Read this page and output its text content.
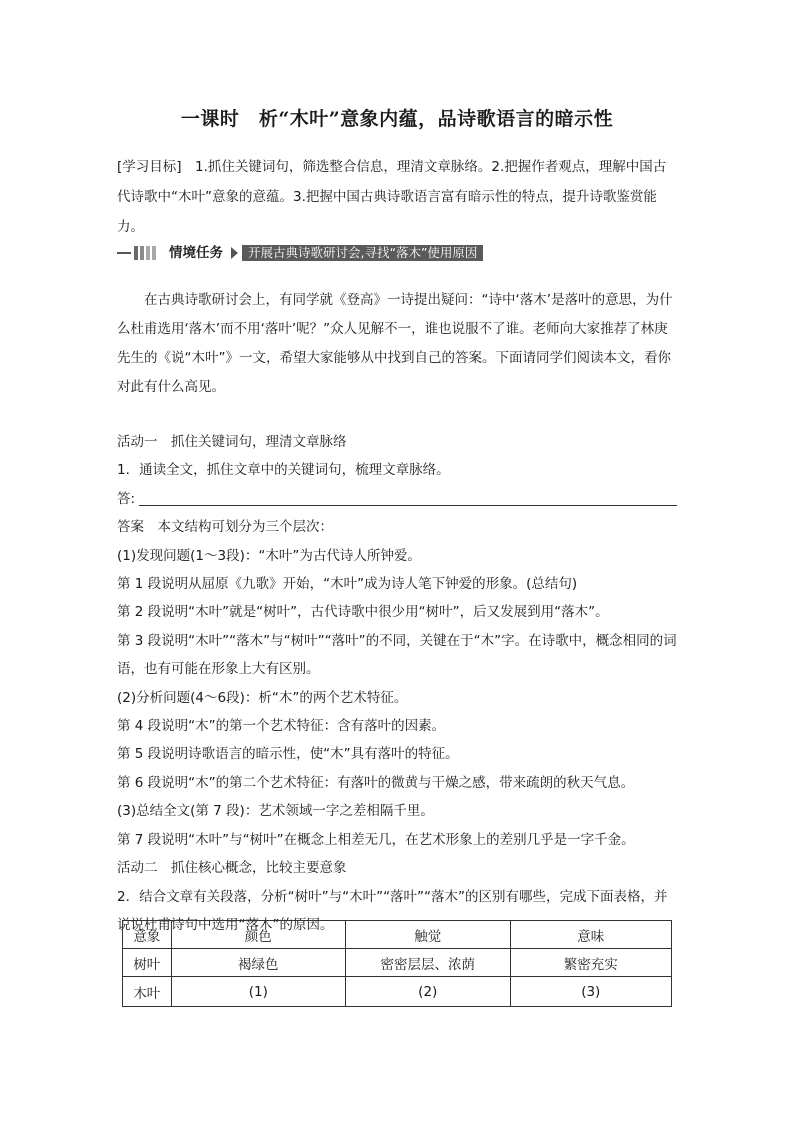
一课时　析“木叶”意象内蕴，品诗歌语言的暗示性
[学习目标]　1.抓住关键词句，筛选整合信息，理清文章脉络。2.把握作者观点，理解中国古代诗歌中“木叶”意象的意蕴。3.把握中国古典诗歌语言富有暗示性的特点，提升诗歌鉴赏能力。
情境任务	开展古典诗歌研讨会,寻找“落木”使用原因

在古典诗歌研讨会上，有同学就《登高》一诗提出疑问：“诗中‘落木’是落叶的意思，为什么杜甫选用‘落木’而不用‘落叶’呢？”众人见解不一，谁也说服不了谁。老师向大家推荐了林庚先生的《说“木叶”》一文，希望大家能够从中找到自己的答案。下面请同学们阅读本文，看你对此有什么高见。

活动一　抓住关键词句，理清文章脉络

1．通读全文，抓住文章中的关键词句，梳理文章脉络。

答:

答案　本文结构可划分为三个层次：

(1)发现问题(1～3段)：“木叶”为古代诗人所钟爱。

第 1 段说明从屈原《九歌》开始，“木叶”成为诗人笔下钟爱的形象。(总结句)

第 2 段说明“木叶”就是“树叶”，古代诗歌中很少用“树叶”，后又发展到用“落木”。

第 3 段说明“木叶”“落木”与“树叶”“落叶”的不同，关键在于“木”字。在诗歌中，概念相同的词语，也有可能在形象上大有区别。

(2)分析问题(4～6段)：析“木”的两个艺术特征。

第 4 段说明“木”的第一个艺术特征：含有落叶的因素。

第 5 段说明诗歌语言的暗示性，使“木”具有落叶的特征。

第 6 段说明“木”的第二个艺术特征：有落叶的微黄与干燥之感，带来疏朗的秋天气息。

(3)总结全文(第 7 段)：艺术领域一字之差相隔千里。

第 7 段说明“木叶”与“树叶”在概念上相差无几，在艺术形象上的差别几乎是一字千金。

活动二　抓住核心概念，比较主要意象

2．结合文章有关段落，分析“树叶”与“木叶”“落叶”“落木”的区别有哪些，完成下面表格，并说说杜甫诗句中选用“落木”的原因。

意象	颜色	触觉	意味
树叶	褐绿色	密密层层、浓荫	繁密充实
木叶	(1)	(2)	(3)
